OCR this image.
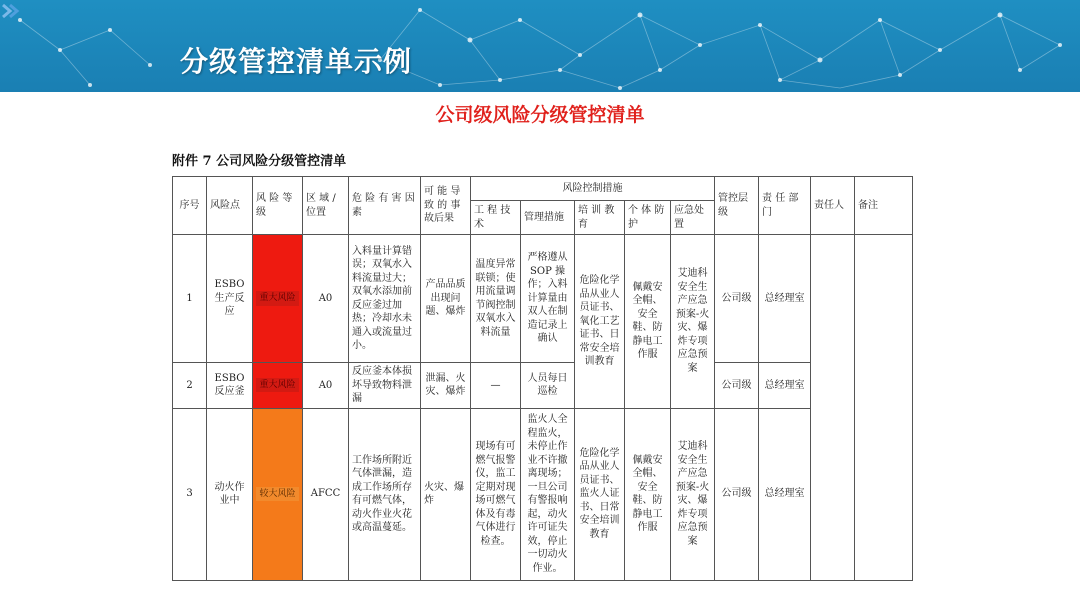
分级管控清单示例
公司级风险分级管控清单
附件 7 公司风险分级管控清单
序号	风险点	风 险 等 级	区 域 / 位置	危 险 有 害 因 素	可 能 导 致 的 事 故后果	风险控制措施					管控层级	责 任 部 门	责任人	备注
						工 程 技 术	管理措施	培 训 教 育	个 体 防 护	应急处置				
1	ESBO 生产反应	重大风险	A0	入料量计算错误；双氧水入料流量过大；双氧水添加前反应釜过加热；冷却水未通入或流量过小。	产品品质出现问题、爆炸	温度异常联锁；使用流量调节阀控制双氧水入料流量	严格遵从 SOP 操作；入料计算量由双人在制造记录上确认	危险化学品从业人员证书、氧化工艺证书、日常安全培训教育	佩戴安全帽、安全鞋、防静电工作服	艾迪科安全生产应急预案-火灾、爆炸专项应急预案	公司级	总经理室		
2	ESBO 反应釜	重大风险	A0	反应釜本体损坏导致物料泄漏	泄漏、火灾、爆炸	—	人员每日巡检				公司级	总经理室		
3	动火作业中	较大风险	AFCC	工作场所附近气体泄漏，造成工作场所存有可燃气体，动火作业火花或高温蔓延。	火灾、爆炸	现场有可燃气报警仪，监工定期对现场可燃气体及有毒气体进行检查。	监火人全程监火，未停止作业不许撤离现场；一旦公司有警报响起，动火许可证失效，停止一切动火作业。	危险化学品从业人员证书、监火人证书、日常安全培训教育	佩戴安全帽、安全鞋、防静电工作服	艾迪科安全生产应急预案-火灾、爆炸专项应急预案	公司级	总经理室		
